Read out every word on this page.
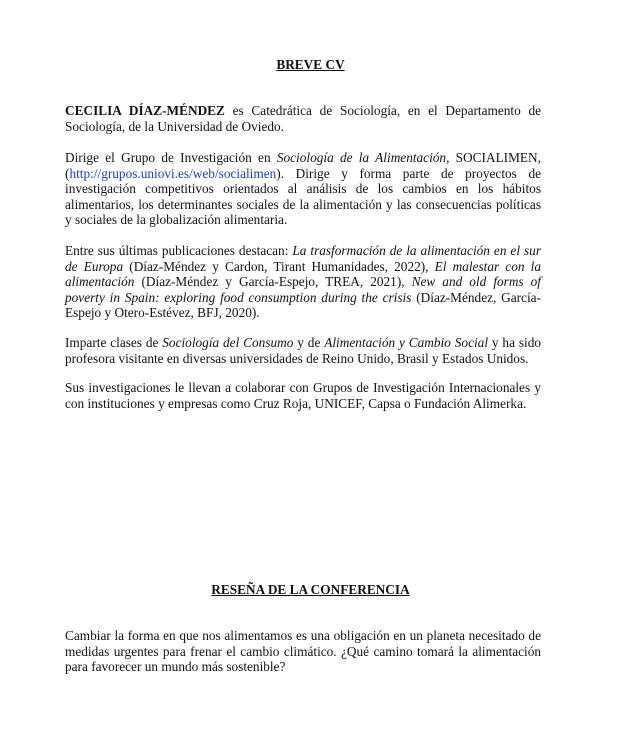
BREVE CV

CECILIA DÍAZ-MÉNDEZ es Catedrática de Sociología, en el Departamento de Sociología, de la Universidad de Oviedo.

Dirige el Grupo de Investigación en Sociología de la Alimentación, SOCIALIMEN, (http://grupos.uniovi.es/web/socialimen). Dirige y forma parte de proyectos de investigación competitivos orientados al análisis de los cambios en los hábitos alimentarios, los determinantes sociales de la alimentación y las consecuencias políticas y sociales de la globalización alimentaria.

Entre sus últimas publicaciones destacan: La trasformación de la alimentación en el sur de Europa (Díaz-Méndez y Cardon, Tirant Humanidades, 2022), El malestar con la alimentación (Díaz-Méndez y García-Espejo, TREA, 2021), New and old forms of poverty in Spain: exploring food consumption during the crisis (Díaz-Méndez, García-Espejo y Otero-Estévez, BFJ, 2020).

Imparte clases de Sociología del Consumo y de Alimentación y Cambio Social y ha sido profesora visitante en diversas universidades de Reino Unido, Brasil y Estados Unidos.

Sus investigaciones le llevan a colaborar con Grupos de Investigación Internacionales y con instituciones y empresas como Cruz Roja, UNICEF, Capsa o Fundación Alimerka.

RESEÑA DE LA CONFERENCIA

Cambiar la forma en que nos alimentamos es una obligación en un planeta necesitado de medidas urgentes para frenar el cambio climático. ¿Qué camino tomará la alimentación para favorecer un mundo más sostenible?
